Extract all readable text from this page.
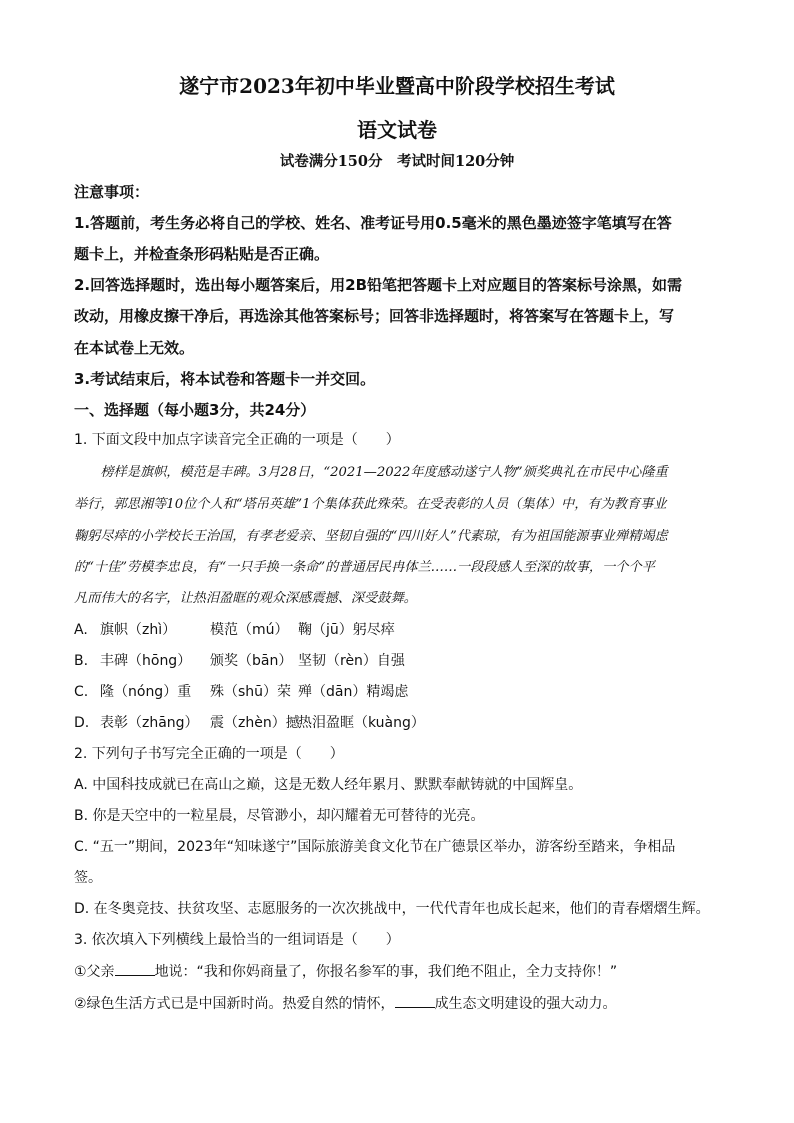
遂宁市2023年初中毕业暨高中阶段学校招生考试
语文试卷
试卷满分150分　考试时间120分钟
注意事项：
1.答题前，考生务必将自己的学校、姓名、准考证号用0.5毫米的黑色墨迹签字笔填写在答
题卡上，并检查条形码粘贴是否正确。
2.回答选择题时，选出每小题答案后，用2B铅笔把答题卡上对应题目的答案标号涂黑，如需
改动，用橡皮擦干净后，再选涂其他答案标号；回答非选择题时，将答案写在答题卡上，写
在本试卷上无效。
3.考试结束后，将本试卷和答题卡一并交回。
一、选择题（每小题3分，共24分）
1. 下面文段中加点字读音完全正确的一项是（　　）
　　榜样是旗帜，模范是丰碑。3月28日，“2021—2022年度感动遂宁人物”颁奖典礼在市民中心隆重
举行，郭思湘等10位个人和“塔吊英雄”1个集体获此殊荣。在受表彰的人员（集体）中，有为教育事业
鞠躬尽瘁的小学校长王治国，有孝老爱亲、坚韧自强的“四川好人”代素琼，有为祖国能源事业殚精竭虑
的“十佳”劳模李忠良，有“一只手换一条命”的普通居民冉体兰……一段段感人至深的故事，一个个平
凡而伟大的名字，让热泪盈眶的观众深感震撼、深受鼓舞。
A. 旗帜（zhì） 模范（mú） 鞠（jū）躬尽瘁
B. 丰碑（hōng） 颁奖（bān） 坚韧（rèn）自强
C. 隆（nóng）重 殊（shū）荣 殚（dān）精竭虑
D. 表彰（zhāng） 震（zhèn）撼热泪盈眶（kuàng）
2. 下列句子书写完全正确的一项是（　　）
A. 中国科技成就已在高山之巅，这是无数人经年累月、默默奉献铸就的中国辉皇。
B. 你是天空中的一粒星晨，尽管渺小，却闪耀着无可替待的光亮。
C. “五一”期间，2023年“知味遂宁”国际旅游美食文化节在广德景区举办，游客纷至踏来，争相品
签。
D. 在冬奥竞技、扶贫攻坚、志愿服务的一次次挑战中，一代代青年也成长起来，他们的青春熠熠生辉。
3. 依次填入下列横线上最恰当的一组词语是（　　）
①父亲	地说：“我和你妈商量了，你报名参军的事，我们绝不阻止，全力支持你！”
②绿色生活方式已是中国新时尚。热爱自然的情怀，	成生态文明建设的强大动力。
